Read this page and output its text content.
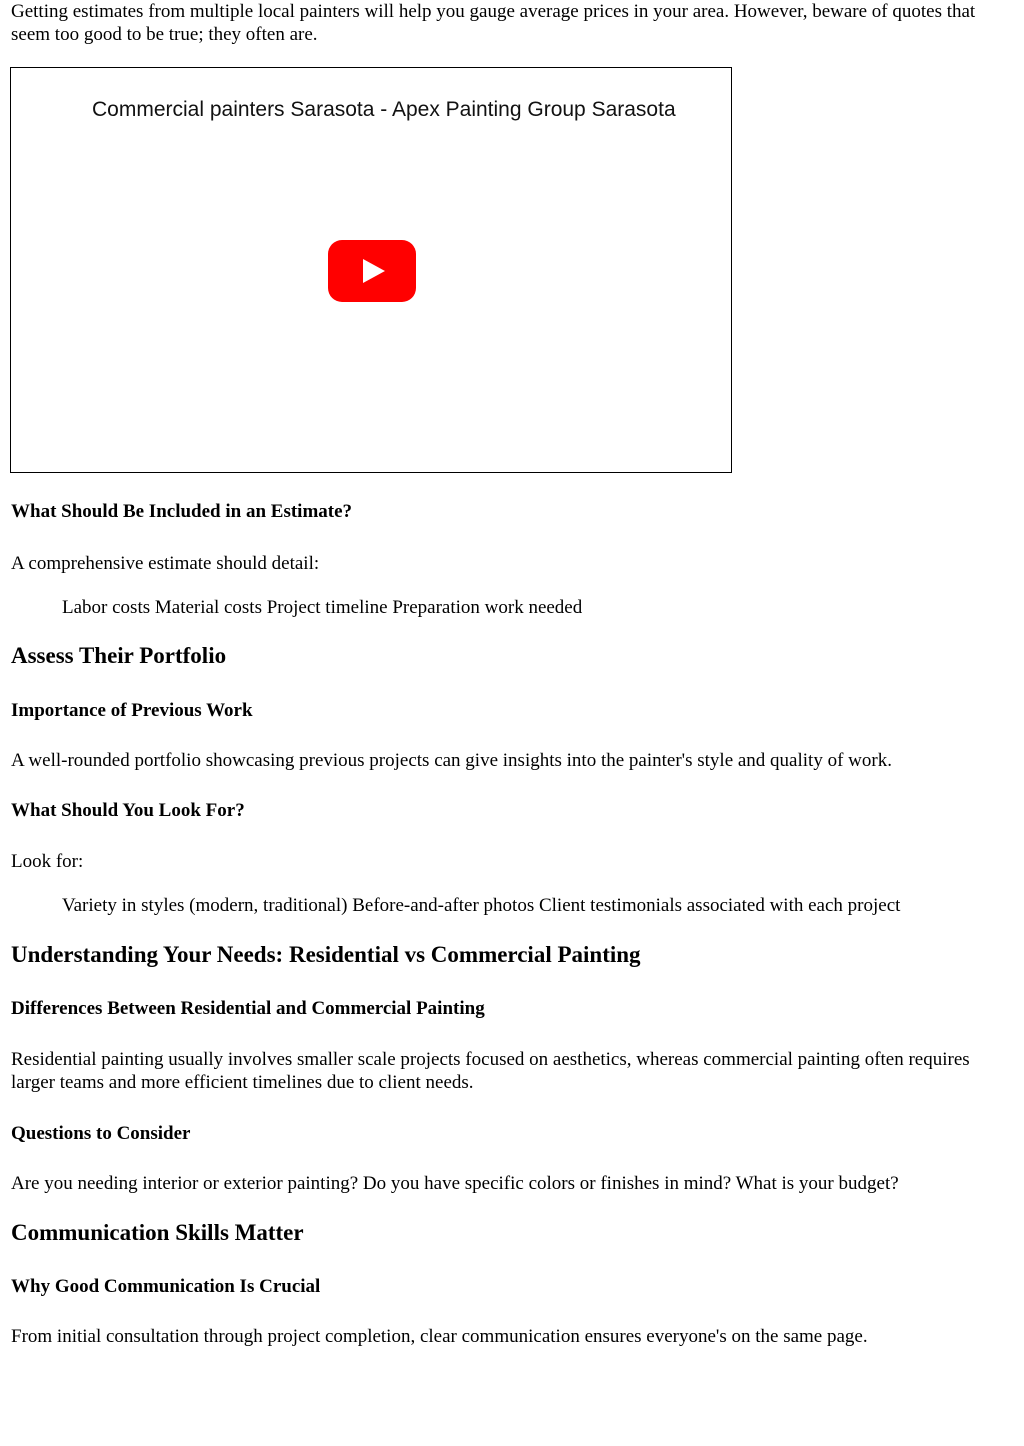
Getting estimates from multiple local painters will help you gauge average prices in your area. However, beware of quotes that seem too good to be true; they often are.

Commercial painters Sarasota - Apex Painting Group Sarasota
What Should Be Included in an Estimate?

A comprehensive estimate should detail:

Labor costs Material costs Project timeline Preparation work needed
Assess Their Portfolio
Importance of Previous Work

A well-rounded portfolio showcasing previous projects can give insights into the painter's style and quality of work.

What Should You Look For?

Look for:

Variety in styles (modern, traditional) Before-and-after photos Client testimonials associated with each project
Understanding Your Needs: Residential vs Commercial Painting
Differences Between Residential and Commercial Painting

Residential painting usually involves smaller scale projects focused on aesthetics, whereas commercial painting often requires larger teams and more efficient timelines due to client needs.

Questions to Consider

Are you needing interior or exterior painting? Do you have specific colors or finishes in mind? What is your budget?

Communication Skills Matter
Why Good Communication Is Crucial

From initial consultation through project completion, clear communication ensures everyone's on the same page.
